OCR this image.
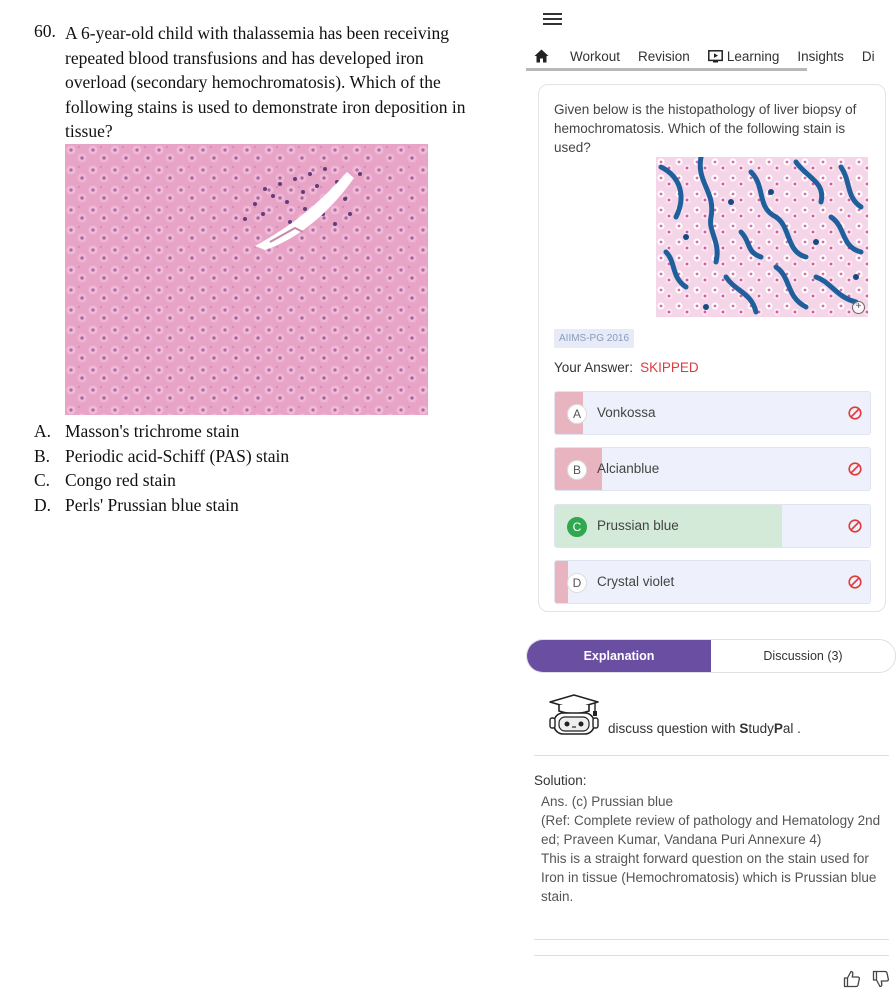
60. A 6-year-old child with thalassemia has been receiving repeated blood transfusions and has developed iron overload (secondary hemochromatosis). Which of the following stains is used to demonstrate iron deposition in tissue?
A. Masson's trichrome stain
B. Periodic acid-Schiff (PAS) stain
C. Congo red stain
D. Perls' Prussian blue stain
Workout	Revision	Learning	Insights	Di
Given below is the histopathology of liver biopsy of hemochromatosis. Which of the following stain is used?
+
AIIMS-PG 2016
Your Answer: SKIPPED
A	Vonkossa
B	Alcianblue
C	Prussian blue
D	Crystal violet
Explanation	Discussion (3)
discuss question with StudyPal .
Solution:
Ans. (c) Prussian blue
(Ref: Complete review of pathology and Hematology 2nd ed; Praveen Kumar, Vandana Puri Annexure 4)
This is a straight forward question on the stain used for Iron in tissue (Hemochromatosis) which is Prussian blue stain.
